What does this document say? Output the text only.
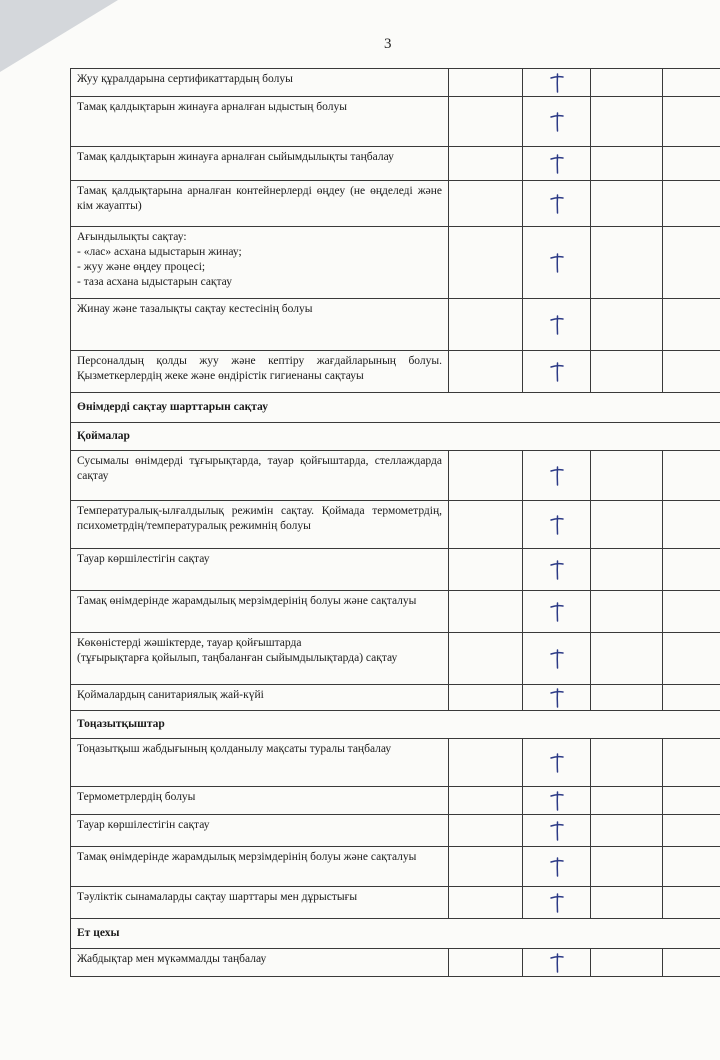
3
Жуу құралдарына сертификаттардың болуы

Тамақ қалдықтарын жинауға арналған ыдыстың болуы

Тамақ қалдықтарын жинауға арналған сыйымдылықты таңбалау

Тамақ қалдықтарына арналған контейнерлерді өңдеу (не өңделеді және кім жауапты)

Ағындылықты сақтау:
- «лас» асхана ыдыстарын жинау;
- жуу және өңдеу процесі;
- таза асхана ыдыстарын сақтау

Жинау және тазалықты сақтау кестесінің болуы

Персоналдың қолды жуу және кептіру жағдайларының болуы. Қызметкерлердің жеке және өндірістік гигиенаны сақтауы

Өнімдерді сақтау шарттарын сақтау				

Қоймалар				

Сусымалы өнімдерді тұғырықтарда, тауар қойғыштарда, стеллаждарда сақтау

Температуралық-ылғалдылық режимін сақтау. Қоймада термометрдің, психометрдің/температуралық режимнің болуы

Тауар көршілестігін сақтау

Тамақ өнімдерінде жарамдылық мерзімдерінің болуы және сақталуы

Көкөністерді жәшіктерде, тауар қойғыштарда
(тұғырықтарға қойылып, таңбаланған сыйымдылықтарда) сақтау

Қоймалардың санитариялық жай-күйі

Тоңазытқыштар				

Тоңазытқыш жабдығының қолданылу мақсаты туралы таңбалау

Термометрлердің болуы

Тауар көршілестігін сақтау

Тамақ өнімдерінде жарамдылық мерзімдерінің болуы және сақталуы

Тәуліктік сынамаларды сақтау шарттары мен дұрыстығы

Ет цехы				

Жабдықтар мен мүкәммалды таңбалау
